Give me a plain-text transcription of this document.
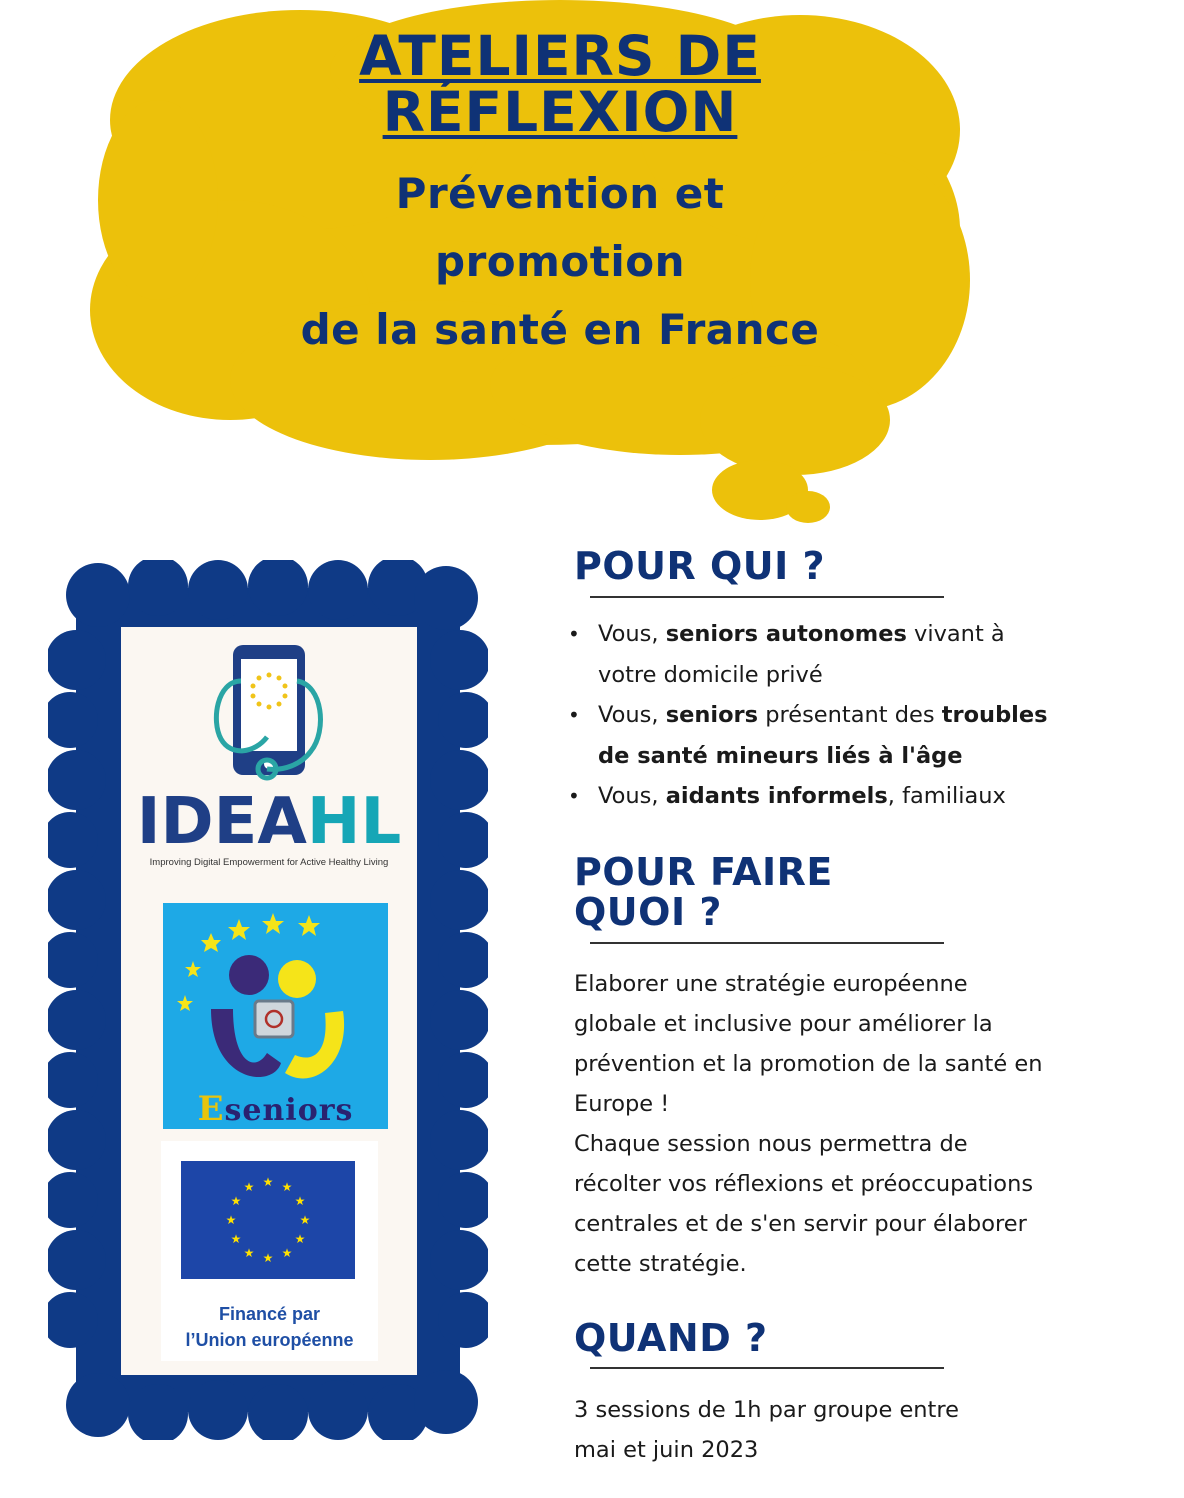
ATELIERS DE
RÉFLEXION
Prévention et
promotion
de la santé en France
IDEAHL
Improving Digital Empowerment for Active Healthy Living
Eseniors
★ ★
★
★
★
★
★
★
★
★
★
★
Financé par
l’Union européenne
POUR QUI ?
• Vous, seniors autonomes vivant à
votre domicile privé
• Vous, seniors présentant des troubles
de santé mineurs liés à l'âge
• Vous, aidants informels, familiaux
POUR FAIRE
QUOI ?
Elaborer une stratégie européenne
globale et inclusive pour améliorer la
prévention et la promotion de la santé en
Europe !
Chaque session nous permettra de
récolter vos réflexions et préoccupations
centrales et de s'en servir pour élaborer
cette stratégie.
QUAND ?
3 sessions de 1h par groupe entre
mai et juin 2023
